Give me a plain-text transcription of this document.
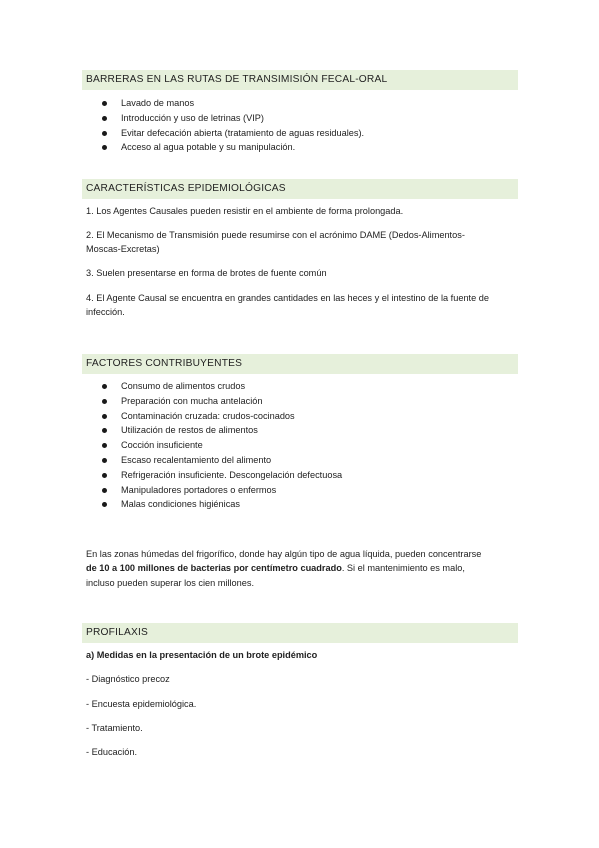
BARRERAS EN LAS RUTAS DE TRANSIMISIÓN FECAL-ORAL
Lavado de manos
Introducción y uso de letrinas (VIP)
Evitar defecación abierta (tratamiento de aguas residuales).
Acceso al agua potable y su manipulación.
CARACTERÍSTICAS EPIDEMIOLÓGICAS

1. Los Agentes Causales pueden resistir en el ambiente de forma prolongada.

2. El Mecanismo de Transmisión puede resumirse con el acrónimo DAME (Dedos-Alimentos-
Moscas-Excretas)

3. Suelen presentarse en forma de brotes de fuente común

4. El Agente Causal se encuentra en grandes cantidades en las heces y el intestino de la fuente de
infección.

FACTORES CONTRIBUYENTES
Consumo de alimentos crudos
Preparación con mucha antelación
Contaminación cruzada: crudos-cocinados
Utilización de restos de alimentos
Cocción insuficiente
Escaso recalentamiento del alimento
Refrigeración insuficiente. Descongelación defectuosa
Manipuladores portadores o enfermos
Malas condiciones higiénicas

En las zonas húmedas del frigorífico, donde hay algún tipo de agua líquida, pueden concentrarse
de 10 a 100 millones de bacterias por centímetro cuadrado. Si el mantenimiento es malo,
incluso pueden superar los cien millones.

PROFILAXIS

a) Medidas en la presentación de un brote epidémico

- Diagnóstico precoz

- Encuesta epidemiológica.

- Tratamiento.

- Educación.
